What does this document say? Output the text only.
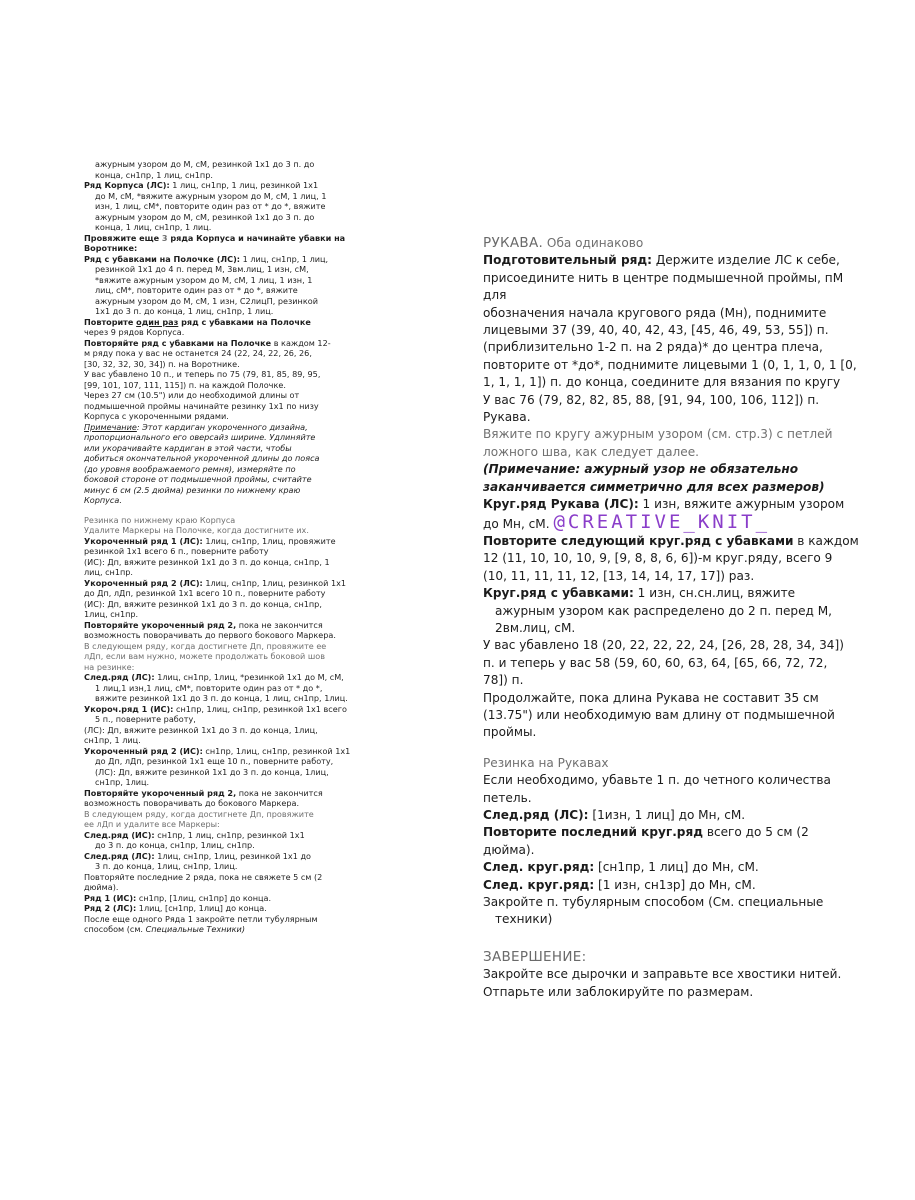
ажурным узором до М, сМ, резинкой 1х1 до 3 п. до

конца, сн1пр, 1 лиц, сн1пр.

Ряд Корпуса (ЛС): 1 лиц, сн1пр, 1 лиц, резинкой 1х1

до М, сМ, *вяжите ажурным узором до М, сМ, 1 лиц, 1

изн, 1 лиц, сМ*, повторите один раз от * до *, вяжите

ажурным узором до М, сМ, резинкой 1х1 до 3 п. до

конца, 1 лиц, сн1пр, 1 лиц.

Провяжите еще 3 ряда Корпуса и начинайте убавки на

Воротнике:

Ряд с убавками на Полочке (ЛС): 1 лиц, сн1пр, 1 лиц,

резинкой 1х1 до 4 п. перед М, 3вм.лиц, 1 изн, сМ,

*вяжите ажурным узором до М, сМ, 1 лиц, 1 изн, 1

лиц, сМ*, повторите один раз от * до *, вяжите

ажурным узором до М, сМ, 1 изн, С2лицП, резинкой

1х1 до 3 п. до конца, 1 лиц, сн1пр, 1 лиц.

Повторите один раз ряд с убавками на Полочке

через 9 рядов Корпуса.

Повторяйте ряд с убавками на Полочке в каждом 12-

м ряду пока у вас не останется 24 (22, 24, 22, 26, 26,

[30, 32, 32, 30, 34]) п. на Воротнике.

У вас убавлено 10 п., и теперь по 75 (79, 81, 85, 89, 95,

[99, 101, 107, 111, 115]) п. на каждой Полочке.

Через 27 см (10.5") или до необходимой длины от

подмышечной проймы начинайте резинку 1х1 по низу

Корпуса с укороченными рядами.

Примечание: Этот кардиган укороченного дизайна,

пропорционального его оверсайз ширине. Удлиняйте

или укорачивайте кардиган в этой части, чтобы

добиться окончательной укороченной длины до пояса

(до уровня воображаемого ремня), измеряйте по

боковой стороне от подмышечной проймы, считайте

минус 6 см (2.5 дюйма) резинки по нижнему краю

Корпуса.

Резинка по нижнему краю Корпуса

Удалите Маркеры на Полочке, когда достигните их.

Укороченный ряд 1 (ЛС): 1лиц, сн1пр, 1лиц, провяжите

резинкой 1х1 всего 6 п., поверните работу

(ИС): Дп, вяжите резинкой 1х1 до 3 п. до конца, сн1пр, 1

лиц, сн1пр.

Укороченный ряд 2 (ЛС): 1лиц, сн1пр, 1лиц, резинкой 1х1

до Дп, лДп, резинкой 1х1 всего 10 п., поверните работу

(ИС): Дп, вяжите резинкой 1х1 до 3 п. до конца, сн1пр,

1лиц, сн1пр.

Повторяйте укороченный ряд 2, пока не закончится

возможность поворачивать до первого бокового Маркера.

В следующем ряду, когда достигнете Дп, провяжите ее

лДп, если вам нужно, можете продолжать боковой шов

на резинке:

След.ряд (ЛС): 1лиц, сн1пр, 1лиц, *резинкой 1х1 до М, сМ,

1 лиц,1 изн,1 лиц, сМ*, повторите один раз от * до *,

вяжите резинкой 1х1 до 3 п. до конца, 1 лиц, сн1пр, 1лиц.

Укороч.ряд 1 (ИС): сн1пр, 1лиц, сн1пр, резинкой 1х1 всего

5 п., поверните работу,

(ЛС): Дп, вяжите резинкой 1х1 до 3 п. до конца, 1лиц,

сн1пр, 1 лиц.

Укороченный ряд 2 (ИС): сн1пр, 1лиц, сн1пр, резинкой 1х1

до Дп, лДп, резинкой 1х1 еще 10 п., поверните работу,

(ЛС): Дп, вяжите резинкой 1х1 до 3 п. до конца, 1лиц,

сн1пр, 1лиц.

Повторяйте укороченный ряд 2, пока не закончится

возможность поворачивать до бокового Маркера.

В следующем ряду, когда достигнете Дп, провяжите

ее лДп и удалите все Маркеры:

След.ряд (ИС): сн1пр, 1 лиц, сн1пр, резинкой 1х1

до 3 п. до конца, сн1пр, 1лиц, сн1пр.

След.ряд (ЛС): 1лиц, сн1пр, 1лиц, резинкой 1х1 до

3 п. до конца, 1лиц, сн1пр, 1лиц.

Повторяйте последние 2 ряда, пока не свяжете 5 см (2

дюйма).

Ряд 1 (ИС): сн1пр, [1лиц, сн1пр] до конца.

Ряд 2 (ЛС): 1лиц, [сн1пр, 1лиц] до конца.

После еще одного Ряда 1 закройте петли тубулярным

способом (см. Специальные Техники)

РУКАВА. Оба одинаково

Подготовительный ряд: Держите изделие ЛС к себе,

присоедините нить в центре подмышечной проймы, пМ для

обозначения начала кругового ряда (Мн), поднимите

лицевыми 37 (39, 40, 40, 42, 43, [45, 46, 49, 53, 55]) п.

(приблизительно 1-2 п. на 2 ряда)* до центра плеча,

повторите от *до*, поднимите лицевыми 1 (0, 1, 1, 0, 1 [0,

1, 1, 1, 1]) п. до конца, соедините для вязания по кругу

У вас 76 (79, 82, 82, 85, 88, [91, 94, 100, 106, 112]) п.

Рукава.

Вяжите по кругу ажурным узором (см. стр.3) с петлей

ложного шва, как следует далее.

(Примечание: ажурный узор не обязательно

заканчивается симметрично для всех размеров)

Круг.ряд Рукава (ЛС): 1 изн, вяжите ажурным узором

до Мн, сМ. @CREATIVE_KNIT_

Повторите следующий круг.ряд с убавками в каждом

12 (11, 10, 10, 10, 9, [9, 8, 8, 6, 6])-м круг.ряду, всего 9

(10, 11, 11, 11, 12, [13, 14, 14, 17, 17]) раз.

Круг.ряд с убавками: 1 изн, сн.сн.лиц, вяжите

ажурным узором как распределено до 2 п. перед М,

2вм.лиц, сМ.

У вас убавлено 18 (20, 22, 22, 22, 24, [26, 28, 28, 34, 34])

п. и теперь у вас 58 (59, 60, 60, 63, 64, [65, 66, 72, 72,

78]) п.

Продолжайте, пока длина Рукава не составит 35 см

(13.75") или необходимую вам длину от подмышечной

проймы.

Резинка на Рукавах

Если необходимо, убавьте 1 п. до четного количества

петель.

След.ряд (ЛС): [1изн, 1 лиц] до Мн, сМ.

Повторите последний круг.ряд всего до 5 см (2

дюйма).

След. круг.ряд: [сн1пр, 1 лиц] до Мн, сМ.

След. круг.ряд: [1 изн, сн1зр] до Мн, сМ.

Закройте п. тубулярным способом (См. специальные

техники)

ЗАВЕРШЕНИЕ:

Закройте все дырочки и заправьте все хвостики нитей.

Отпарьте или заблокируйте по размерам.
